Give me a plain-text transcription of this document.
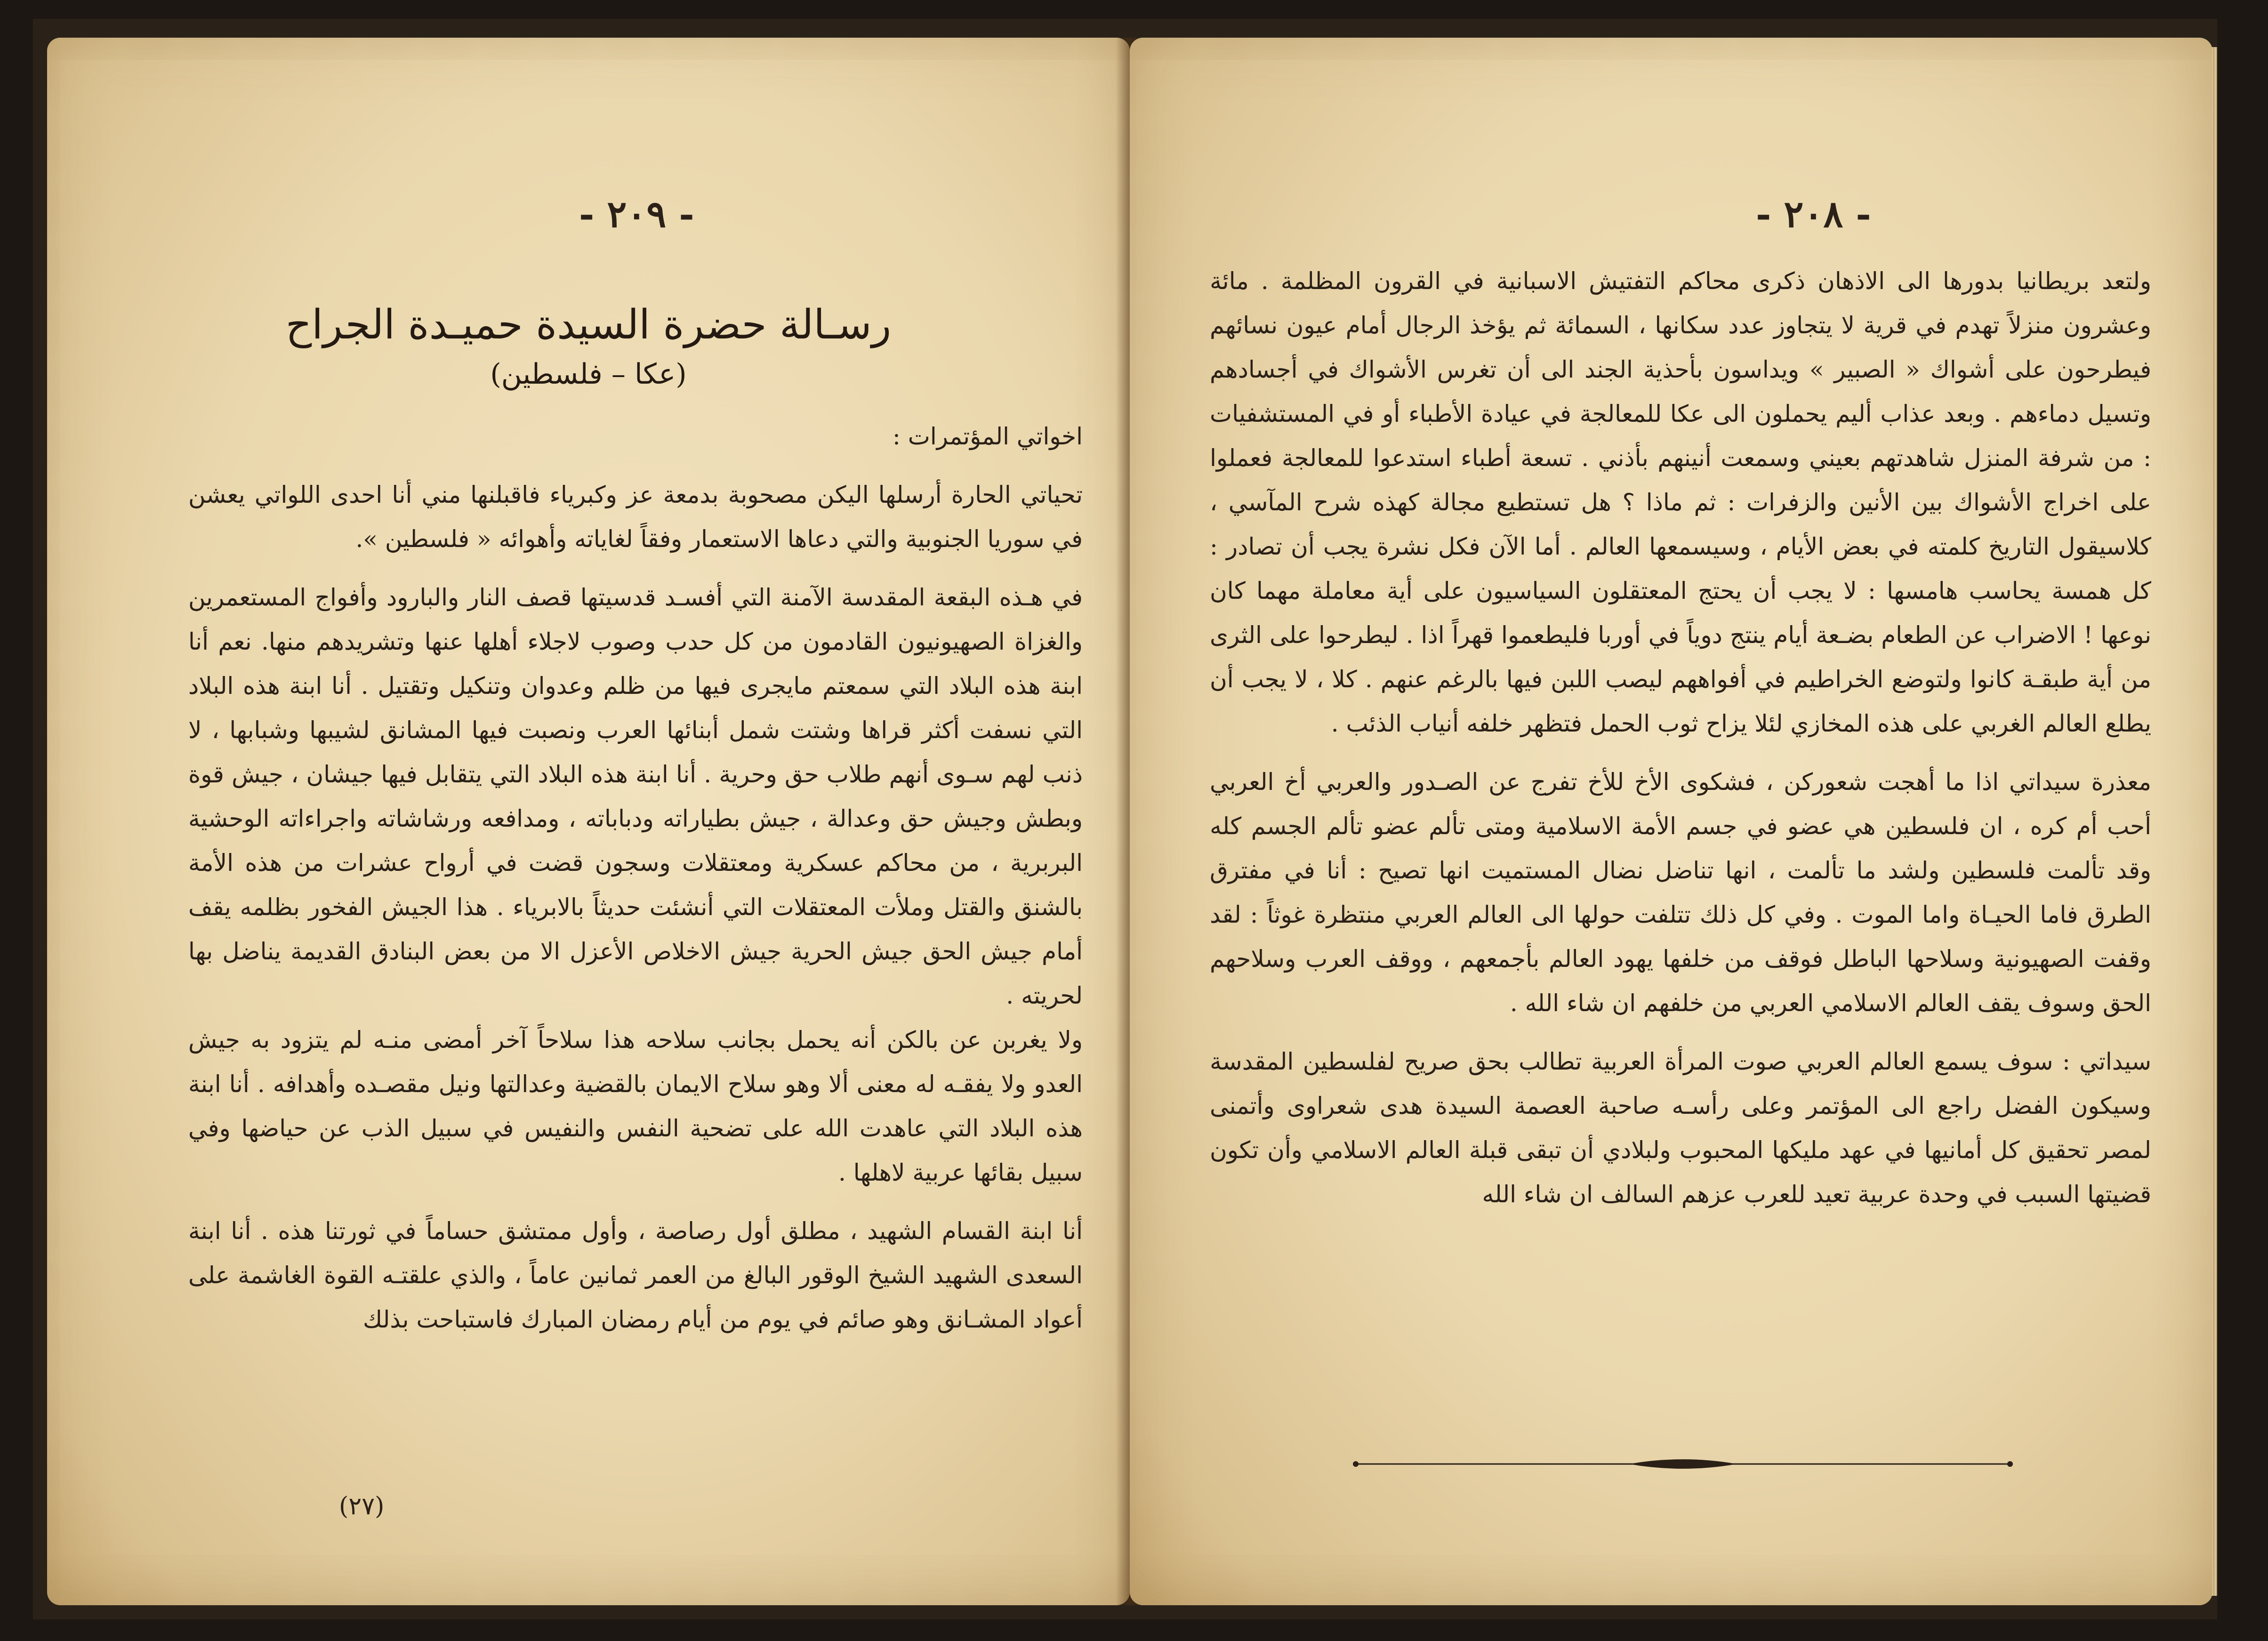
- ٢٠٩ -
رسـالة حضرة السيدة حميـدة الجراح
(عكا – فلسطين)

اخواتي المؤتمرات :

تحياتي الحارة أرسلها اليكن مصحوبة بدمعة عز وكبرياء فاقبلنها مني أنا احدى اللواتي يعشن في سوريا الجنوبية والتي دعاها الاستعمار وفقاً لغاياته وأهوائه « فلسطين ».

في هـذه البقعة المقدسة الآمنة التي أفسـد قدسيتها قصف النار والبارود وأفواج المستعمرين والغزاة الصهيونيون القادمون من كل حدب وصوب لاجلاء أهلها عنها وتشريدهم منها. نعم أنا ابنة هذه البلاد التي سمعتم مايجرى فيها من ظلم وعدوان وتنكيل وتقتيل . أنا ابنة هذه البلاد التي نسفت أكثر قراها وشتت شمل أبنائها العرب ونصبت فيها المشانق لشيبها وشبابها ، لا ذنب لهم سـوى أنهم طلاب حق وحرية . أنا ابنة هذه البلاد التي يتقابل فيها جيشان ، جيش قوة وبطش وجيش حق وعدالة ، جيش بطياراته ودباباته ، ومدافعه ورشاشاته واجراءاته الوحشية البربرية ، من محاكم عسكرية ومعتقلات وسجون قضت في أرواح عشرات من هذه الأمة بالشنق والقتل وملأت المعتقلات التي أنشئت حديثاً بالابرياء . هذا الجيش الفخور بظلمه يقف أمام جيش الحق جيش الحرية جيش الاخلاص الأعزل الا من بعض البنادق القديمة يناضل بها لحريته .

ولا يغربن عن بالكن أنه يحمل بجانب سلاحه هذا سلاحاً آخر أمضى منـه لم يتزود به جيش العدو ولا يفقـه له معنى ألا وهو سلاح الايمان بالقضية وعدالتها ونيل مقصـده وأهدافه . أنا ابنة هذه البلاد التي عاهدت الله على تضحية النفس والنفيس في سبيل الذب عن حياضها وفي سبيل بقائها عربية لاهلها .

أنا ابنة القسام الشهيد ، مطلق أول رصاصة ، وأول ممتشق حساماً في ثورتنا هذه . أنا ابنة السعدى الشهيد الشيخ الوقور البالغ من العمر ثمانين عاماً ، والذي علقتـه القوة الغاشمة على أعواد المشـانق وهو صائم في يوم من أيام رمضان المبارك فاستباحت بذلك

(٢٧)
- ٢٠٨ -

ولتعد بريطانيا بدورها الى الاذهان ذكرى محاكم التفتيش الاسبانية في القرون المظلمة . مائة وعشرون منزلاً تهدم في قرية لا يتجاوز عدد سكانها ، السمائة ثم يؤخذ الرجال أمام عيون نسائهم فيطرحون على أشواك « الصبير » ويداسون بأحذية الجند الى أن تغرس الأشواك في أجسادهم وتسيل دماءهم . وبعد عذاب أليم يحملون الى عكا للمعالجة في عيادة الأطباء أو في المستشفيات : من شرفة المنزل شاهدتهم بعيني وسمعت أنينهم بأذني . تسعة أطباء استدعوا للمعالجة فعملوا على اخراج الأشواك بين الأنين والزفرات : ثم ماذا ؟ هل تستطيع مجالة كهذه شرح المآسي ، كلاسيقول التاريخ كلمته في بعض الأيام ، وسيسمعها العالم . أما الآن فكل نشرة يجب أن تصادر : كل همسة يحاسب هامسها : لا يجب أن يحتج المعتقلون السياسيون على أية معاملة مهما كان نوعها ! الاضراب عن الطعام بضـعة أيام ينتج دوياً في أوربا فليطعموا قهراً اذا . ليطرحوا على الثرى من أية طبقـة كانوا ولتوضع الخراطيم في أفواههم ليصب اللبن فيها بالرغم عنهم . كلا ، لا يجب أن يطلع العالم الغربي على هذه المخازي لئلا يزاح ثوب الحمل فتظهر خلفه أنياب الذئب .

معذرة سيداتي اذا ما أهجت شعوركن ، فشكوى الأخ للأخ تفرج عن الصـدور والعربي أخ العربي أحب أم كره ، ان فلسطين هي عضو في جسم الأمة الاسلامية ومتى تألم عضو تألم الجسم كله وقد تألمت فلسطين ولشد ما تألمت ، انها تناضل نضال المستميت انها تصيح : أنا في مفترق الطرق فاما الحيـاة واما الموت . وفي كل ذلك تتلفت حولها الى العالم العربي منتظرة غوثاً : لقد وقفت الصهيونية وسلاحها الباطل فوقف من خلفها يهود العالم بأجمعهم ، ووقف العرب وسلاحهم الحق وسوف يقف العالم الاسلامي العربي من خلفهم ان شاء الله .

سيداتي : سوف يسمع العالم العربي صوت المرأة العربية تطالب بحق صريح لفلسطين المقدسة وسيكون الفضل راجع الى المؤتمر وعلى رأسـه صاحبة العصمة السيدة هدى شعراوى وأتمنى لمصر تحقيق كل أمانيها في عهد مليكها المحبوب ولبلادي أن تبقى قبلة العالم الاسلامي وأن تكون قضيتها السبب في وحدة عربية تعيد للعرب عزهم السالف ان شاء الله
